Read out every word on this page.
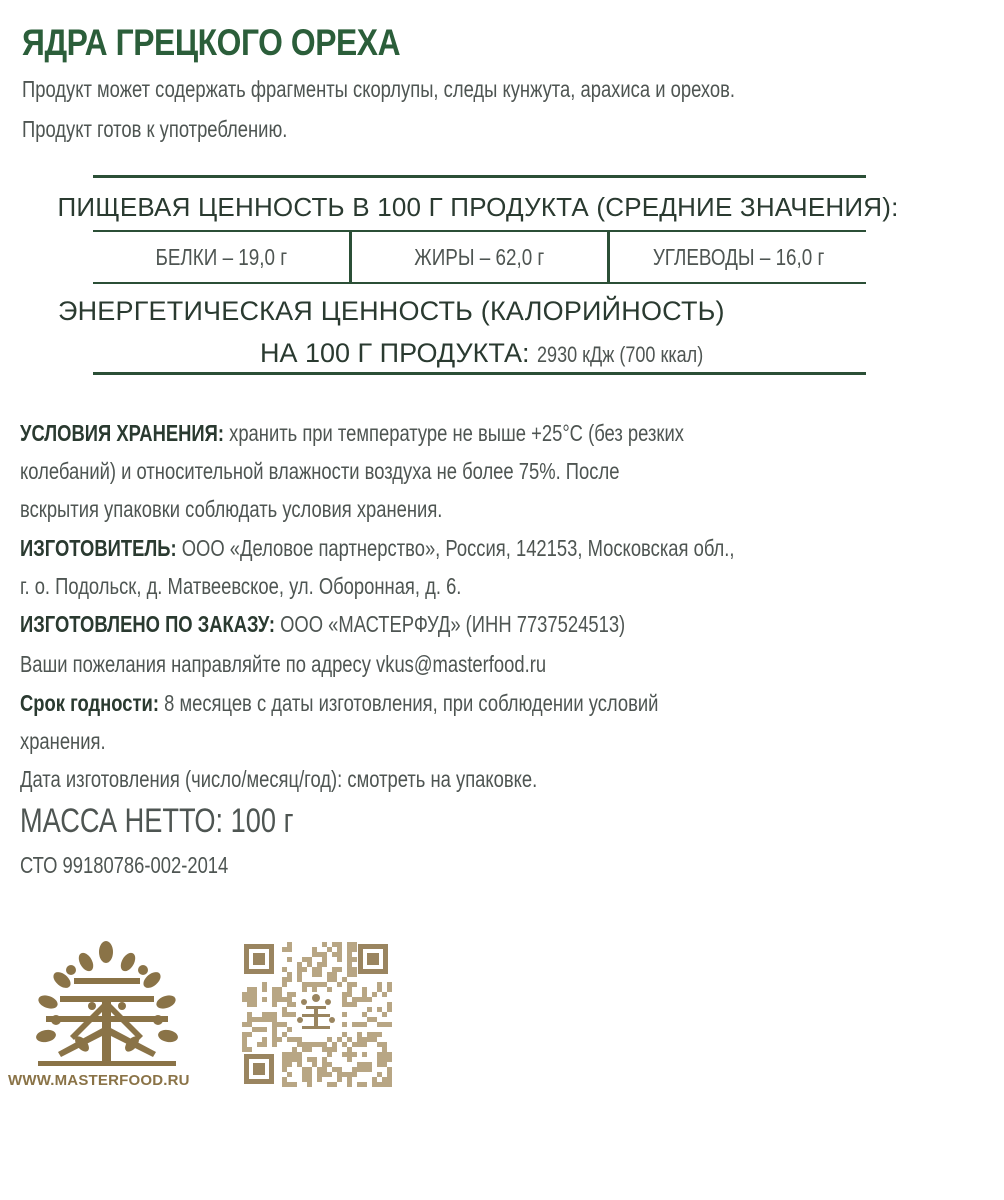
ЯДРА ГРЕЦКОГО ОРЕХА

Продукт может содержать фрагменты скорлупы, следы кунжута, арахиса и орехов.

Продукт готов к употреблению.

ПИЩЕВАЯ ЦЕННОСТЬ В 100 Г ПРОДУКТА (СРЕДНИЕ ЗНАЧЕНИЯ):
БЕЛКИ – 19,0 г	ЖИРЫ – 62,0 г	УГЛЕВОДЫ – 16,0 г
ЭНЕРГЕТИЧЕСКАЯ ЦЕННОСТЬ (КАЛОРИЙНОСТЬ)
НА 100 Г ПРОДУКТА: 2930 кДж (700 ккал)
УСЛОВИЯ ХРАНЕНИЯ: хранить при температуре не выше +25°С (без резких
колебаний) и относительной влажности воздуха не более 75%. После
вскрытия упаковки соблюдать условия хранения.
ИЗГОТОВИТЕЛЬ: ООО «Деловое партнерство», Россия, 142153, Московская обл.,
г. о. Подольск, д. Матвеевское, ул. Оборонная, д. 6.
ИЗГОТОВЛЕНО ПО ЗАКАЗУ: ООО «МАСТЕРФУД» (ИНН 7737524513)
Ваши пожелания направляйте по адресу vkus@masterfood.ru
Срок годности: 8 месяцев с даты изготовления, при соблюдении условий
хранения.
Дата изготовления (число/месяц/год): смотреть на упаковке.
МАССА НЕТТО: 100 г
СТО 99180786-002-2014
WWW.MASTERFOOD.RU
